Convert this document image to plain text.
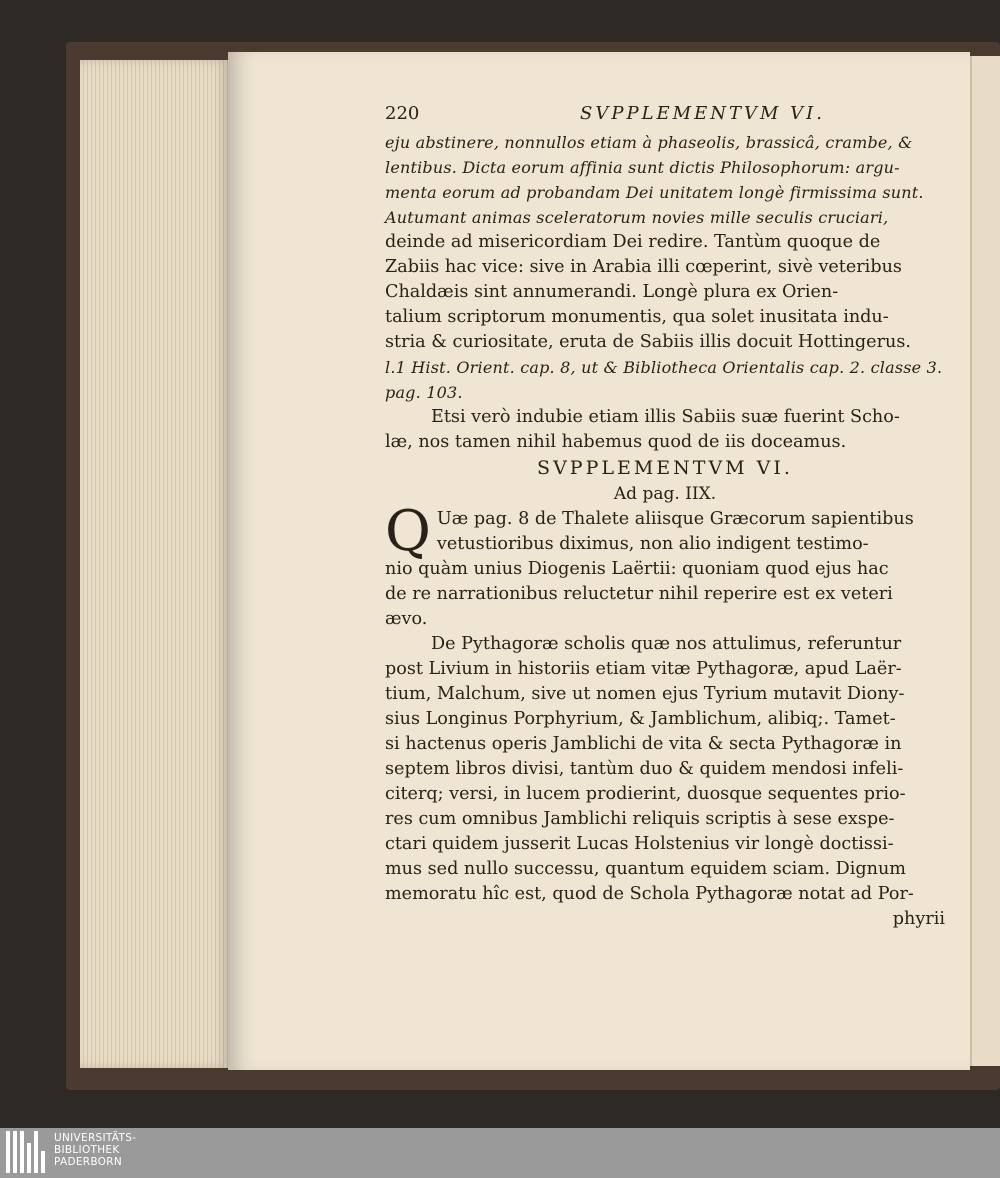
220	SVPPLEMENTVM VI.
eju abstinere, nonnullos etiam à phaseolis, brassicâ, crambe, &
lentibus. Dicta eorum affinia sunt dictis Philosophorum: argu-
menta eorum ad probandam Dei unitatem longè firmissima sunt.
Autumant animas sceleratorum novies mille seculis cruciari,
deinde ad misericordiam Dei redire. Tantùm quoque de
Zabiis hac vice: sive in Arabia illi cœperint, sivè veteribus
Chaldæis sint annumerandi. Longè plura ex Orien-
talium scriptorum monumentis, qua solet inusitata indu-
stria & curiositate, eruta de Sabiis illis docuit Hottingerus.
l.1 Hist. Orient. cap. 8, ut & Bibliotheca Orientalis cap. 2. classe 3.
pag. 103.
Etsi verò indubie etiam illis Sabiis suæ fuerint Scho-
læ, nos tamen nihil habemus quod de iis doceamus.
SVPPLEMENTVM VI.
Ad pag. IIX.
Q Uæ pag. 8 de Thalete aliisque Græcorum sapientibus
vetustioribus diximus, non alio indigent testimo-
nio quàm unius Diogenis Laërtii: quoniam quod ejus hac
de re narrationibus reluctetur nihil reperire est ex veteri
ævo.
De Pythagoræ scholis quæ nos attulimus, referuntur
post Livium in historiis etiam vitæ Pythagoræ, apud Laër-
tium, Malchum, sive ut nomen ejus Tyrium mutavit Diony-
sius Longinus Porphyrium, & Jamblichum, alibiq;. Tamet-
si hactenus operis Jamblichi de vita & secta Pythagoræ in
septem libros divisi, tantùm duo & quidem mendosi infeli-
citerq; versi, in lucem prodierint, duosque sequentes prio-
res cum omnibus Jamblichi reliquis scriptis à sese exspe-
ctari quidem jusserit Lucas Holstenius vir longè doctissi-
mus sed nullo successu, quantum equidem sciam. Dignum
memoratu hîc est, quod de Schola Pythagoræ notat ad Por-
phyrii
UNIVERSITÄTS-
BIBLIOTHEK
PADERBORN
